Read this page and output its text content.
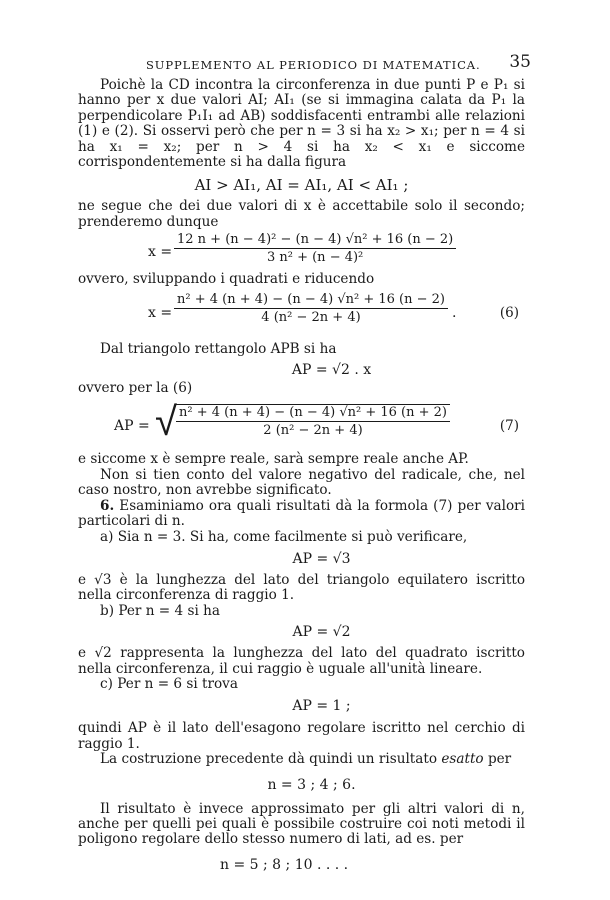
SUPPLEMENTO AL PERIODICO DI MATEMATICA. 35

Poichè la CD incontra la circonferenza in due punti P e P₁ si hanno per x due valori AI; AI₁ (se si immagina calata da P₁ la perpendicolare P₁I₁ ad AB) soddisfacenti entrambi alle relazioni (1) e (2). Si osservi però che per n = 3 si ha x₂ > x₁; per n = 4 si ha x₁ = x₂; per n > 4 si ha x₂ < x₁ e siccome corrispondentemente si ha dalla figura

AI > AI₁, AI = AI₁, AI < AI₁ ;

ne segue che dei due valori di x è accettabile solo il secondo; prenderemo dunque

$x = \frac{\text{12 n + (n − 4)² − (n − 4) √n² + 16 (n − 2)}}{\text{3 n² + (n − 4)²}}$

ovvero, sviluppando i quadrati e riducendo

$x = \frac{\text{n² + 4 (n + 4) − (n − 4) √n² + 16 (n − 2)}}{\text{4 (n² − 2n + 4)}}$ .	(6)

Dal triangolo rettangolo APB si ha

AP = √2 . x

ovvero per la (6)

AP = √ $\frac{\text{n² + 4 (n + 4) − (n − 4) √n² + 16 (n + 2)}}{\text{2 (n² − 2n + 4)}}$	(7)

e siccome x è sempre reale, sarà sempre reale anche AP.

Non si tien conto del valore negativo del radicale, che, nel caso nostro, non avrebbe significato.

6. Esaminiamo ora quali risultati dà la formola (7) per valori particolari di n.

a) Sia n = 3. Si ha, come facilmente si può verificare,

AP = √3

e √3 è la lunghezza del lato del triangolo equilatero iscritto nella circonferenza di raggio 1.

b) Per n = 4 si ha

AP = √2

e √2 rappresenta la lunghezza del lato del quadrato iscritto nella circonferenza, il cui raggio è uguale all'unità lineare.

c) Per n = 6 si trova

AP = 1 ;

quindi AP è il lato dell'esagono regolare iscritto nel cerchio di raggio 1.

La costruzione precedente dà quindi un risultato esatto per

n = 3 ; 4 ; 6.

Il risultato è invece approssimato per gli altri valori di n, anche per quelli pei quali è possibile costruire coi noti metodi il poligono regolare dello stesso numero di lati, ad es. per

n = 5 ; 8 ; 10 . . . .
